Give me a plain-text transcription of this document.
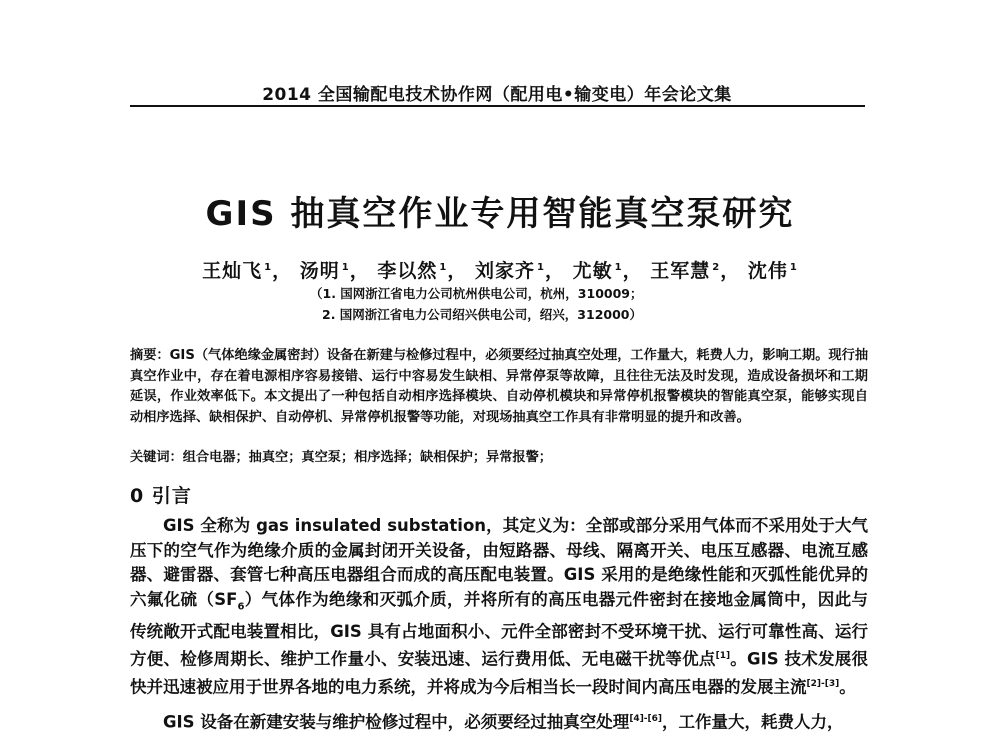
2014 全国输配电技术协作网（配用电•输变电）年会论文集
GIS 抽真空作业专用智能真空泵研究
王灿飞 $^1$， 汤明 $^1$， 李以然 $^1$， 刘家齐 $^1$， 尤敏 $^1$， 王军慧 $^2$， 沈伟 $^1$
（1. 国网浙江省电力公司杭州供电公司，杭州，310009；
2. 国网浙江省电力公司绍兴供电公司，绍兴，312000）
摘要：GIS（气体绝缘金属密封）设备在新建与检修过程中，必须要经过抽真空处理，工作量大，耗费人力，影响工期。现行抽真空作业中，存在着电源相序容易接错、运行中容易发生缺相、异常停泵等故障，且往往无法及时发现，造成设备损坏和工期延误，作业效率低下。本文提出了一种包括自动相序选择模块、自动停机模块和异常停机报警模块的智能真空泵，能够实现自动相序选择、缺相保护、自动停机、异常停机报警等功能，对现场抽真空工作具有非常明显的提升和改善。
关键词：组合电器；抽真空；真空泵；相序选择；缺相保护；异常报警；
0 引言

GIS 全称为 gas insulated substation，其定义为：全部或部分采用气体而不采用处于大气压下的空气作为绝缘介质的金属封闭开关设备，由短路器、母线、隔离开关、电压互感器、电流互感器、避雷器、套管七种高压电器组合而成的高压配电装置。GIS 采用的是绝缘性能和灭弧性能优异的六氟化硫$(SF_6)$气体作为绝缘和灭弧介质，并将所有的高压电器元件密封在接地金属筒中，因此与传统敞开式配电装置相比，GIS 具有占地面积小、元件全部密封不受环境干扰、运行可靠性高、运行方便、检修周期长、维护工作量小、安装迅速、运行费用低、无电磁干扰等优点[1]。GIS 技术发展很快并迅速被应用于世界各地的电力系统，并将成为今后相当长一段时间内高压电器的发展主流[2]-[3]。

GIS 设备在新建安装与维护检修过程中，必须要经过抽真空处理[4]-[6]，工作量大，耗费人力，
